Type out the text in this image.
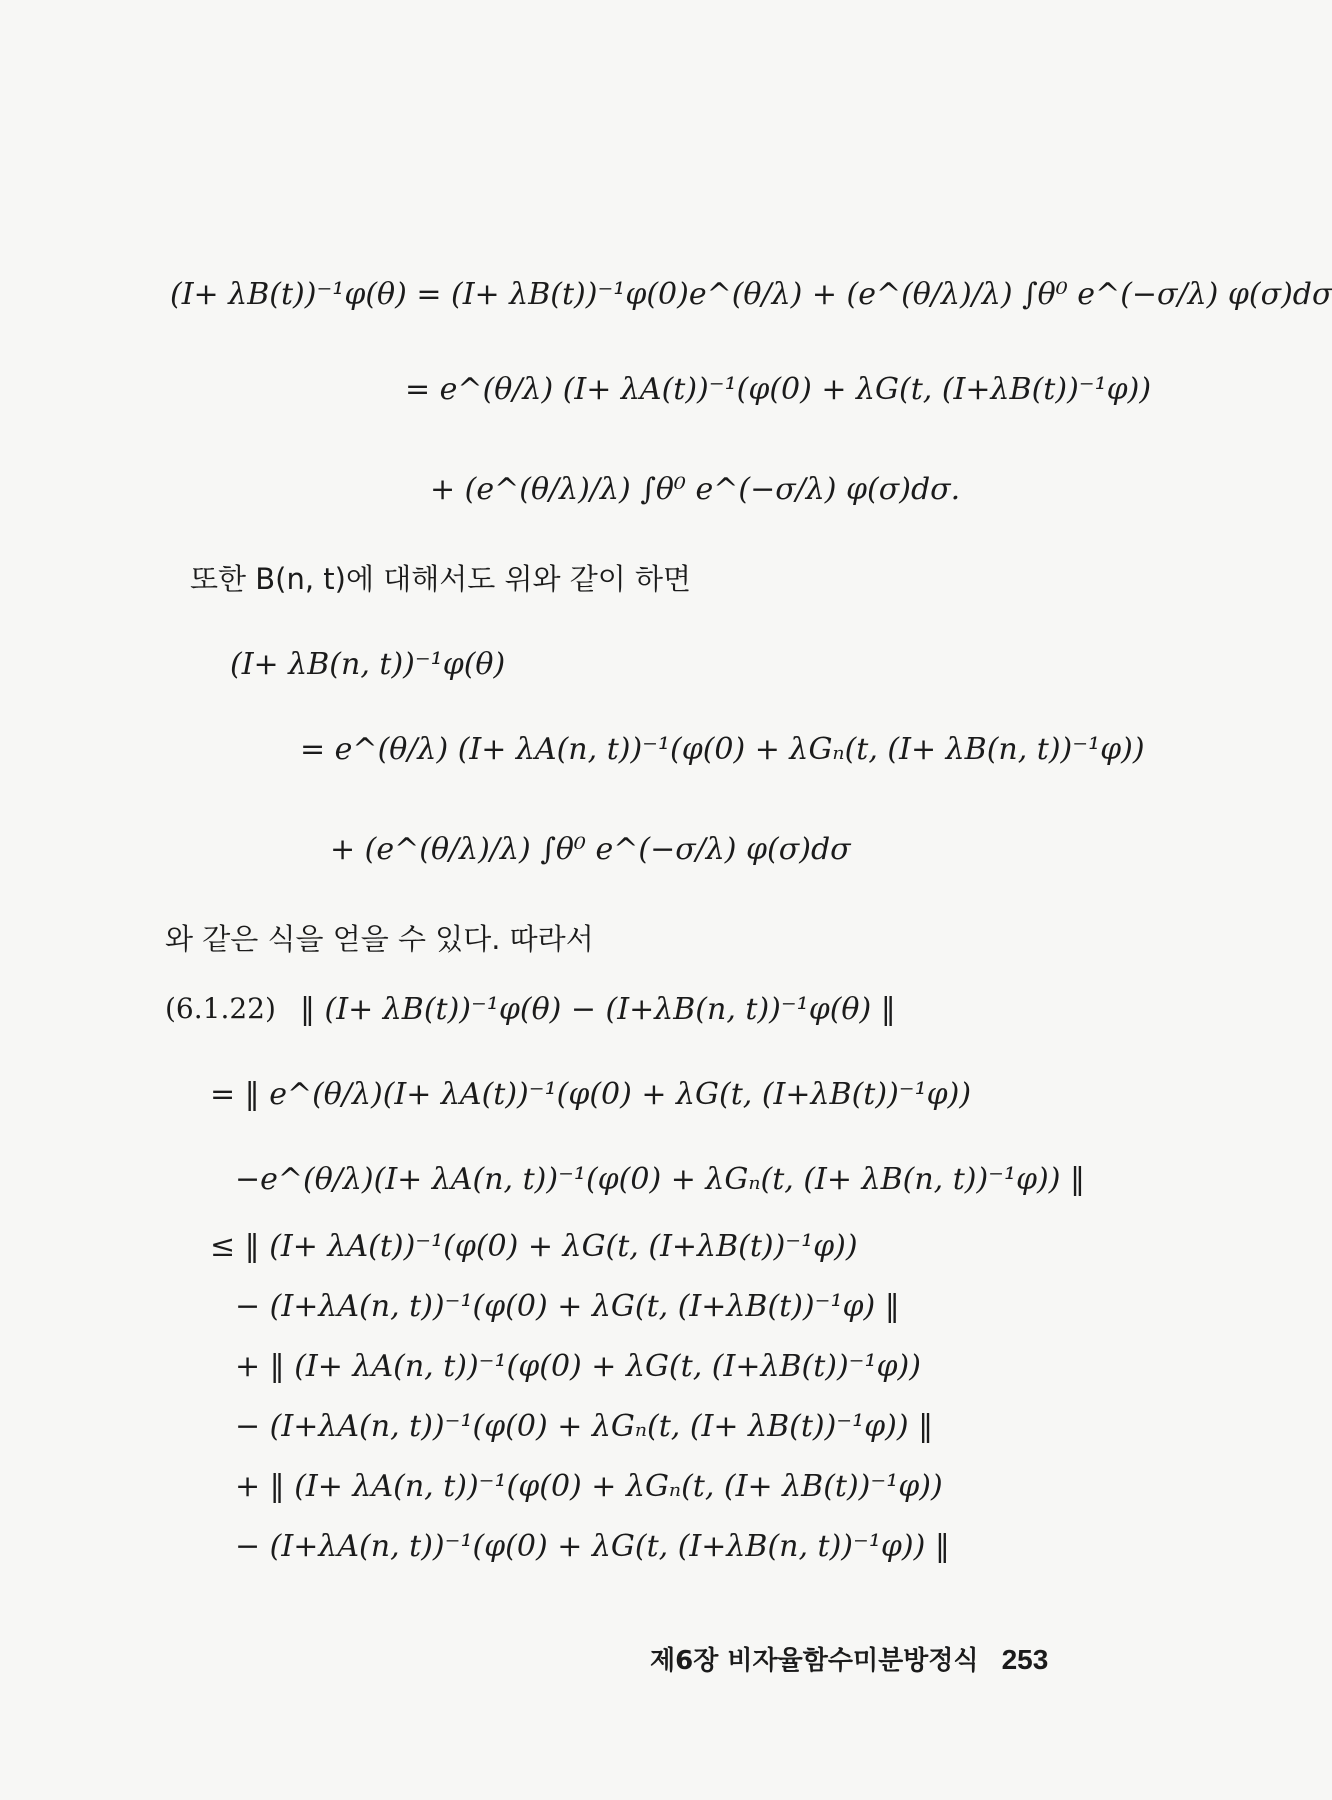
(I+ λB(t))⁻¹φ(θ) = (I+ λB(t))⁻¹φ(0)e^(θ/λ) + (e^(θ/λ)/λ) ∫θ⁰ e^(−σ/λ) φ(σ)dσ
= e^(θ/λ) (I+ λA(t))⁻¹(φ(0) + λG(t, (I+λB(t))⁻¹φ))
+ (e^(θ/λ)/λ) ∫θ⁰ e^(−σ/λ) φ(σ)dσ.
또한 B(n, t)에 대해서도 위와 같이 하면
(I+ λB(n, t))⁻¹φ(θ)
= e^(θ/λ) (I+ λA(n, t))⁻¹(φ(0) + λGₙ(t, (I+ λB(n, t))⁻¹φ))
+ (e^(θ/λ)/λ) ∫θ⁰ e^(−σ/λ) φ(σ)dσ
와 같은 식을 얻을 수 있다. 따라서
(6.1.22) ‖ (I+ λB(t))⁻¹φ(θ) − (I+λB(n, t))⁻¹φ(θ) ‖
= ‖ e^(θ/λ)(I+ λA(t))⁻¹(φ(0) + λG(t, (I+λB(t))⁻¹φ))
−e^(θ/λ)(I+ λA(n, t))⁻¹(φ(0) + λGₙ(t, (I+ λB(n, t))⁻¹φ)) ‖
≤ ‖ (I+ λA(t))⁻¹(φ(0) + λG(t, (I+λB(t))⁻¹φ))
− (I+λA(n, t))⁻¹(φ(0) + λG(t, (I+λB(t))⁻¹φ) ‖
+ ‖ (I+ λA(n, t))⁻¹(φ(0) + λG(t, (I+λB(t))⁻¹φ))
− (I+λA(n, t))⁻¹(φ(0) + λGₙ(t, (I+ λB(t))⁻¹φ)) ‖
+ ‖ (I+ λA(n, t))⁻¹(φ(0) + λGₙ(t, (I+ λB(t))⁻¹φ))
− (I+λA(n, t))⁻¹(φ(0) + λG(t, (I+λB(n, t))⁻¹φ)) ‖
제6장 비자율함수미분방정식 253
